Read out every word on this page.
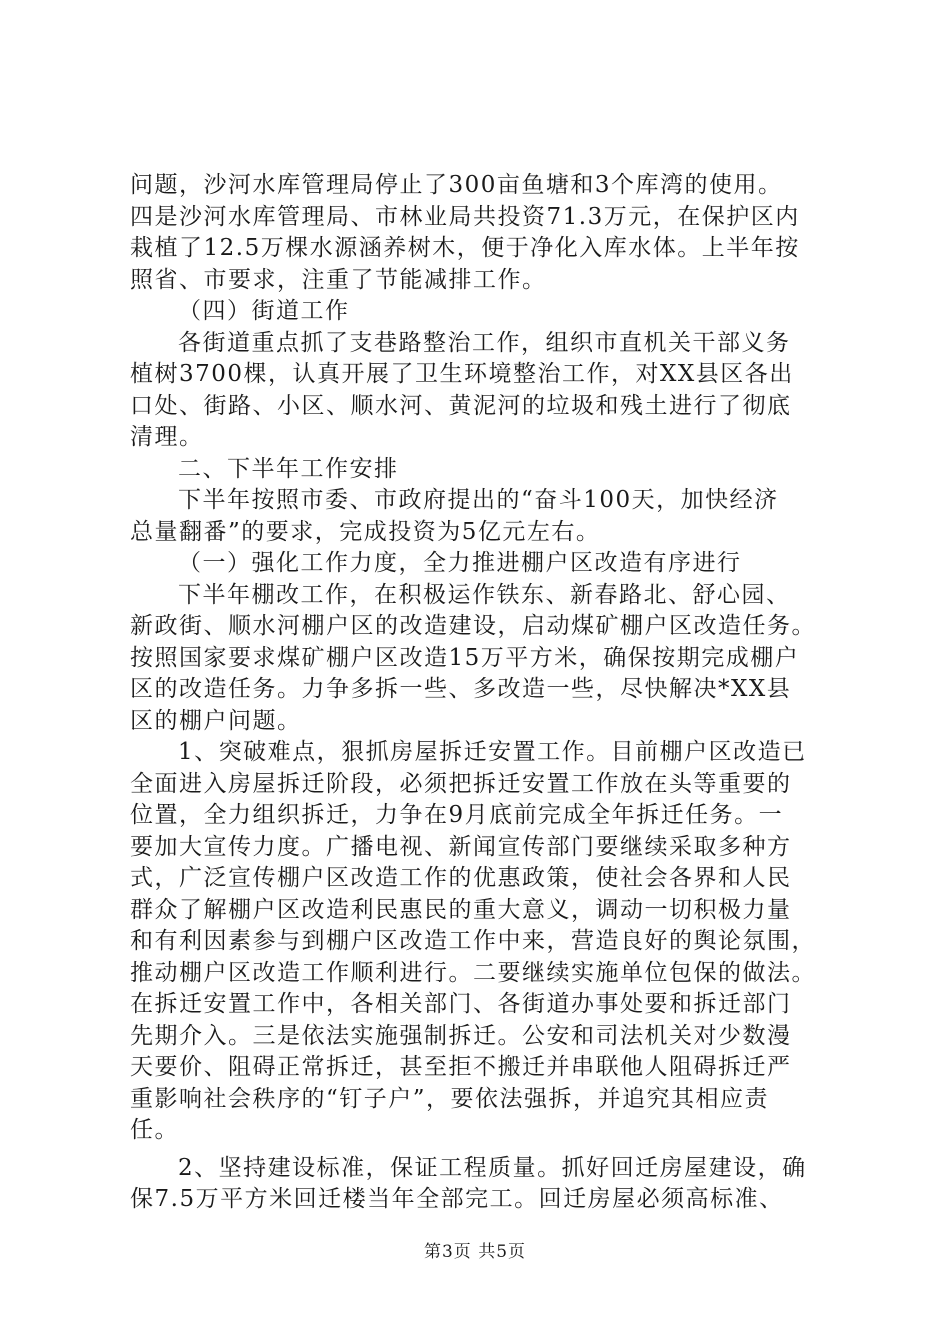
问题，沙河水库管理局停止了300亩鱼塘和3个库湾的使用。
四是沙河水库管理局、市林业局共投资71.3万元，在保护区内
栽植了12.5万棵水源涵养树木，便于净化入库水体。上半年按
照省、市要求，注重了节能减排工作。
（四）街道工作
各街道重点抓了支巷路整治工作，组织市直机关干部义务
植树3700棵，认真开展了卫生环境整治工作，对XX县区各出
口处、街路、小区、顺水河、黄泥河的垃圾和残土进行了彻底
清理。
二、下半年工作安排
下半年按照市委、市政府提出的“奋斗100天，加快经济
总量翻番”的要求，完成投资为5亿元左右。
（一）强化工作力度，全力推进棚户区改造有序进行
下半年棚改工作，在积极运作铁东、新春路北、舒心园、
新政街、顺水河棚户区的改造建设，启动煤矿棚户区改造任务。
按照国家要求煤矿棚户区改造15万平方米，确保按期完成棚户
区的改造任务。力争多拆一些、多改造一些，尽快解决*XX县
区的棚户问题。
1、突破难点，狠抓房屋拆迁安置工作。目前棚户区改造已
全面进入房屋拆迁阶段，必须把拆迁安置工作放在头等重要的
位置，全力组织拆迁，力争在9月底前完成全年拆迁任务。一
要加大宣传力度。广播电视、新闻宣传部门要继续采取多种方
式，广泛宣传棚户区改造工作的优惠政策，使社会各界和人民
群众了解棚户区改造利民惠民的重大意义，调动一切积极力量
和有利因素参与到棚户区改造工作中来，营造良好的舆论氛围，
推动棚户区改造工作顺利进行。二要继续实施单位包保的做法。
在拆迁安置工作中，各相关部门、各街道办事处要和拆迁部门
先期介入。三是依法实施强制拆迁。公安和司法机关对少数漫
天要价、阻碍正常拆迁，甚至拒不搬迁并串联他人阻碍拆迁严
重影响社会秩序的“钉子户”，要依法强拆，并追究其相应责
任。
2、坚持建设标准，保证工程质量。抓好回迁房屋建设，确
保7.5万平方米回迁楼当年全部完工。回迁房屋必须高标准、
第3页 共5页
